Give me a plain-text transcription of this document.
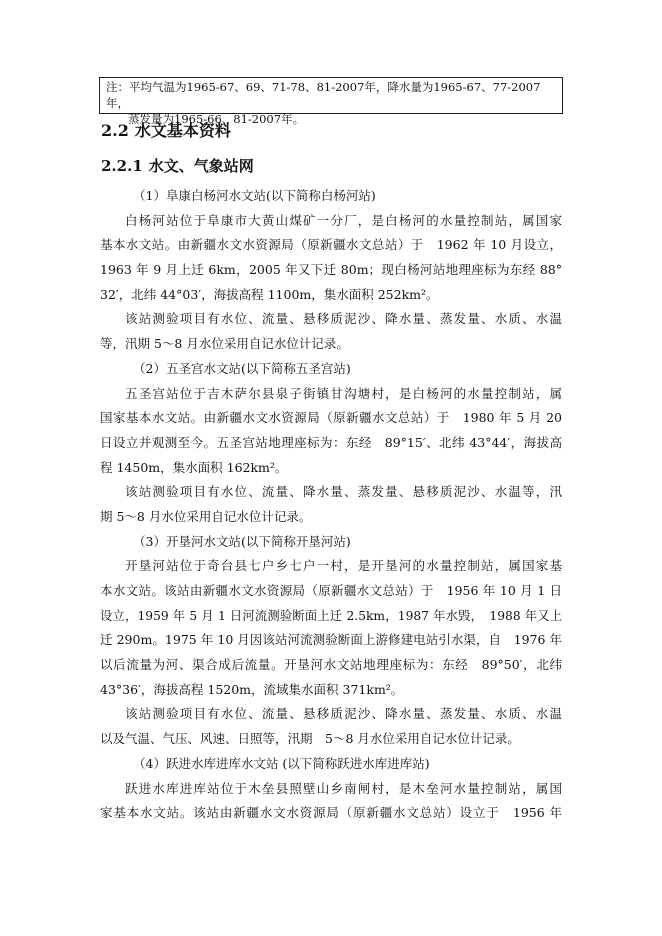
注：平均气温为1965-67、69、71-78、81-2007年，降水量为1965-67、77-2007年，
蒸发量为1965-66、81-2007年。
2.2 水文基本资料
2.2.1 水文、气象站网
（1）阜康白杨河水文站(以下简称白杨河站)
白杨河站位于阜康市大黄山煤矿一分厂，是白杨河的水量控制站，属国家
基本水文站。由新疆水文水资源局（原新疆水文总站）于　1962 年 10 月设立，
1963 年 9 月上迁 6km，2005 年又下迁 80m；现白杨河站地理座标为东经 88°
32′，北纬 44°03′，海拔高程 1100m，集水面积 252km²。
该站测验项目有水位、流量、悬移质泥沙、降水量、蒸发量、水质、水温
等，汛期 5～8 月水位采用自记水位计记录。
（2）五圣宫水文站(以下简称五圣宫站)
五圣宫站位于吉木萨尔县泉子街镇甘沟塘村，是白杨河的水量控制站，属
国家基本水文站。由新疆水文水资源局（原新疆水文总站）于　1980 年 5 月 20
日设立并观测至今。五圣宫站地理座标为：东经　89°15′、北纬 43°44′，海拔高
程 1450m，集水面积 162km²。
该站测验项目有水位、流量、降水量、蒸发量、悬移质泥沙、水温等，汛
期 5～8 月水位采用自记水位计记录。
（3）开垦河水文站(以下简称开垦河站)
开垦河站位于奇台县七户乡七户一村，是开垦河的水量控制站，属国家基
本水文站。该站由新疆水文水资源局（原新疆水文总站）于　1956 年 10 月 1 日
设立，1959 年 5 月 1 日河流测验断面上迁 2.5km，1987 年水毁，　1988 年又上
迁 290m。1975 年 10 月因该站河流测验断面上游修建电站引水渠，自　1976 年
以后流量为河、渠合成后流量。开垦河水文站地理座标为：东经　89°50′，北纬
43°36′，海拔高程 1520m，流域集水面积 371km²。
该站测验项目有水位、流量、悬移质泥沙、降水量、蒸发量、水质、水温
以及气温、气压、风速、日照等，汛期　5～8 月水位采用自记水位计记录。
（4）跃进水库进库水文站 (以下简称跃进水库进库站)
跃进水库进库站位于木垒县照壁山乡南闸村，是木垒河水量控制站，属国
家基本水文站。该站由新疆水文水资源局（原新疆水文总站）设立于　1956 年
